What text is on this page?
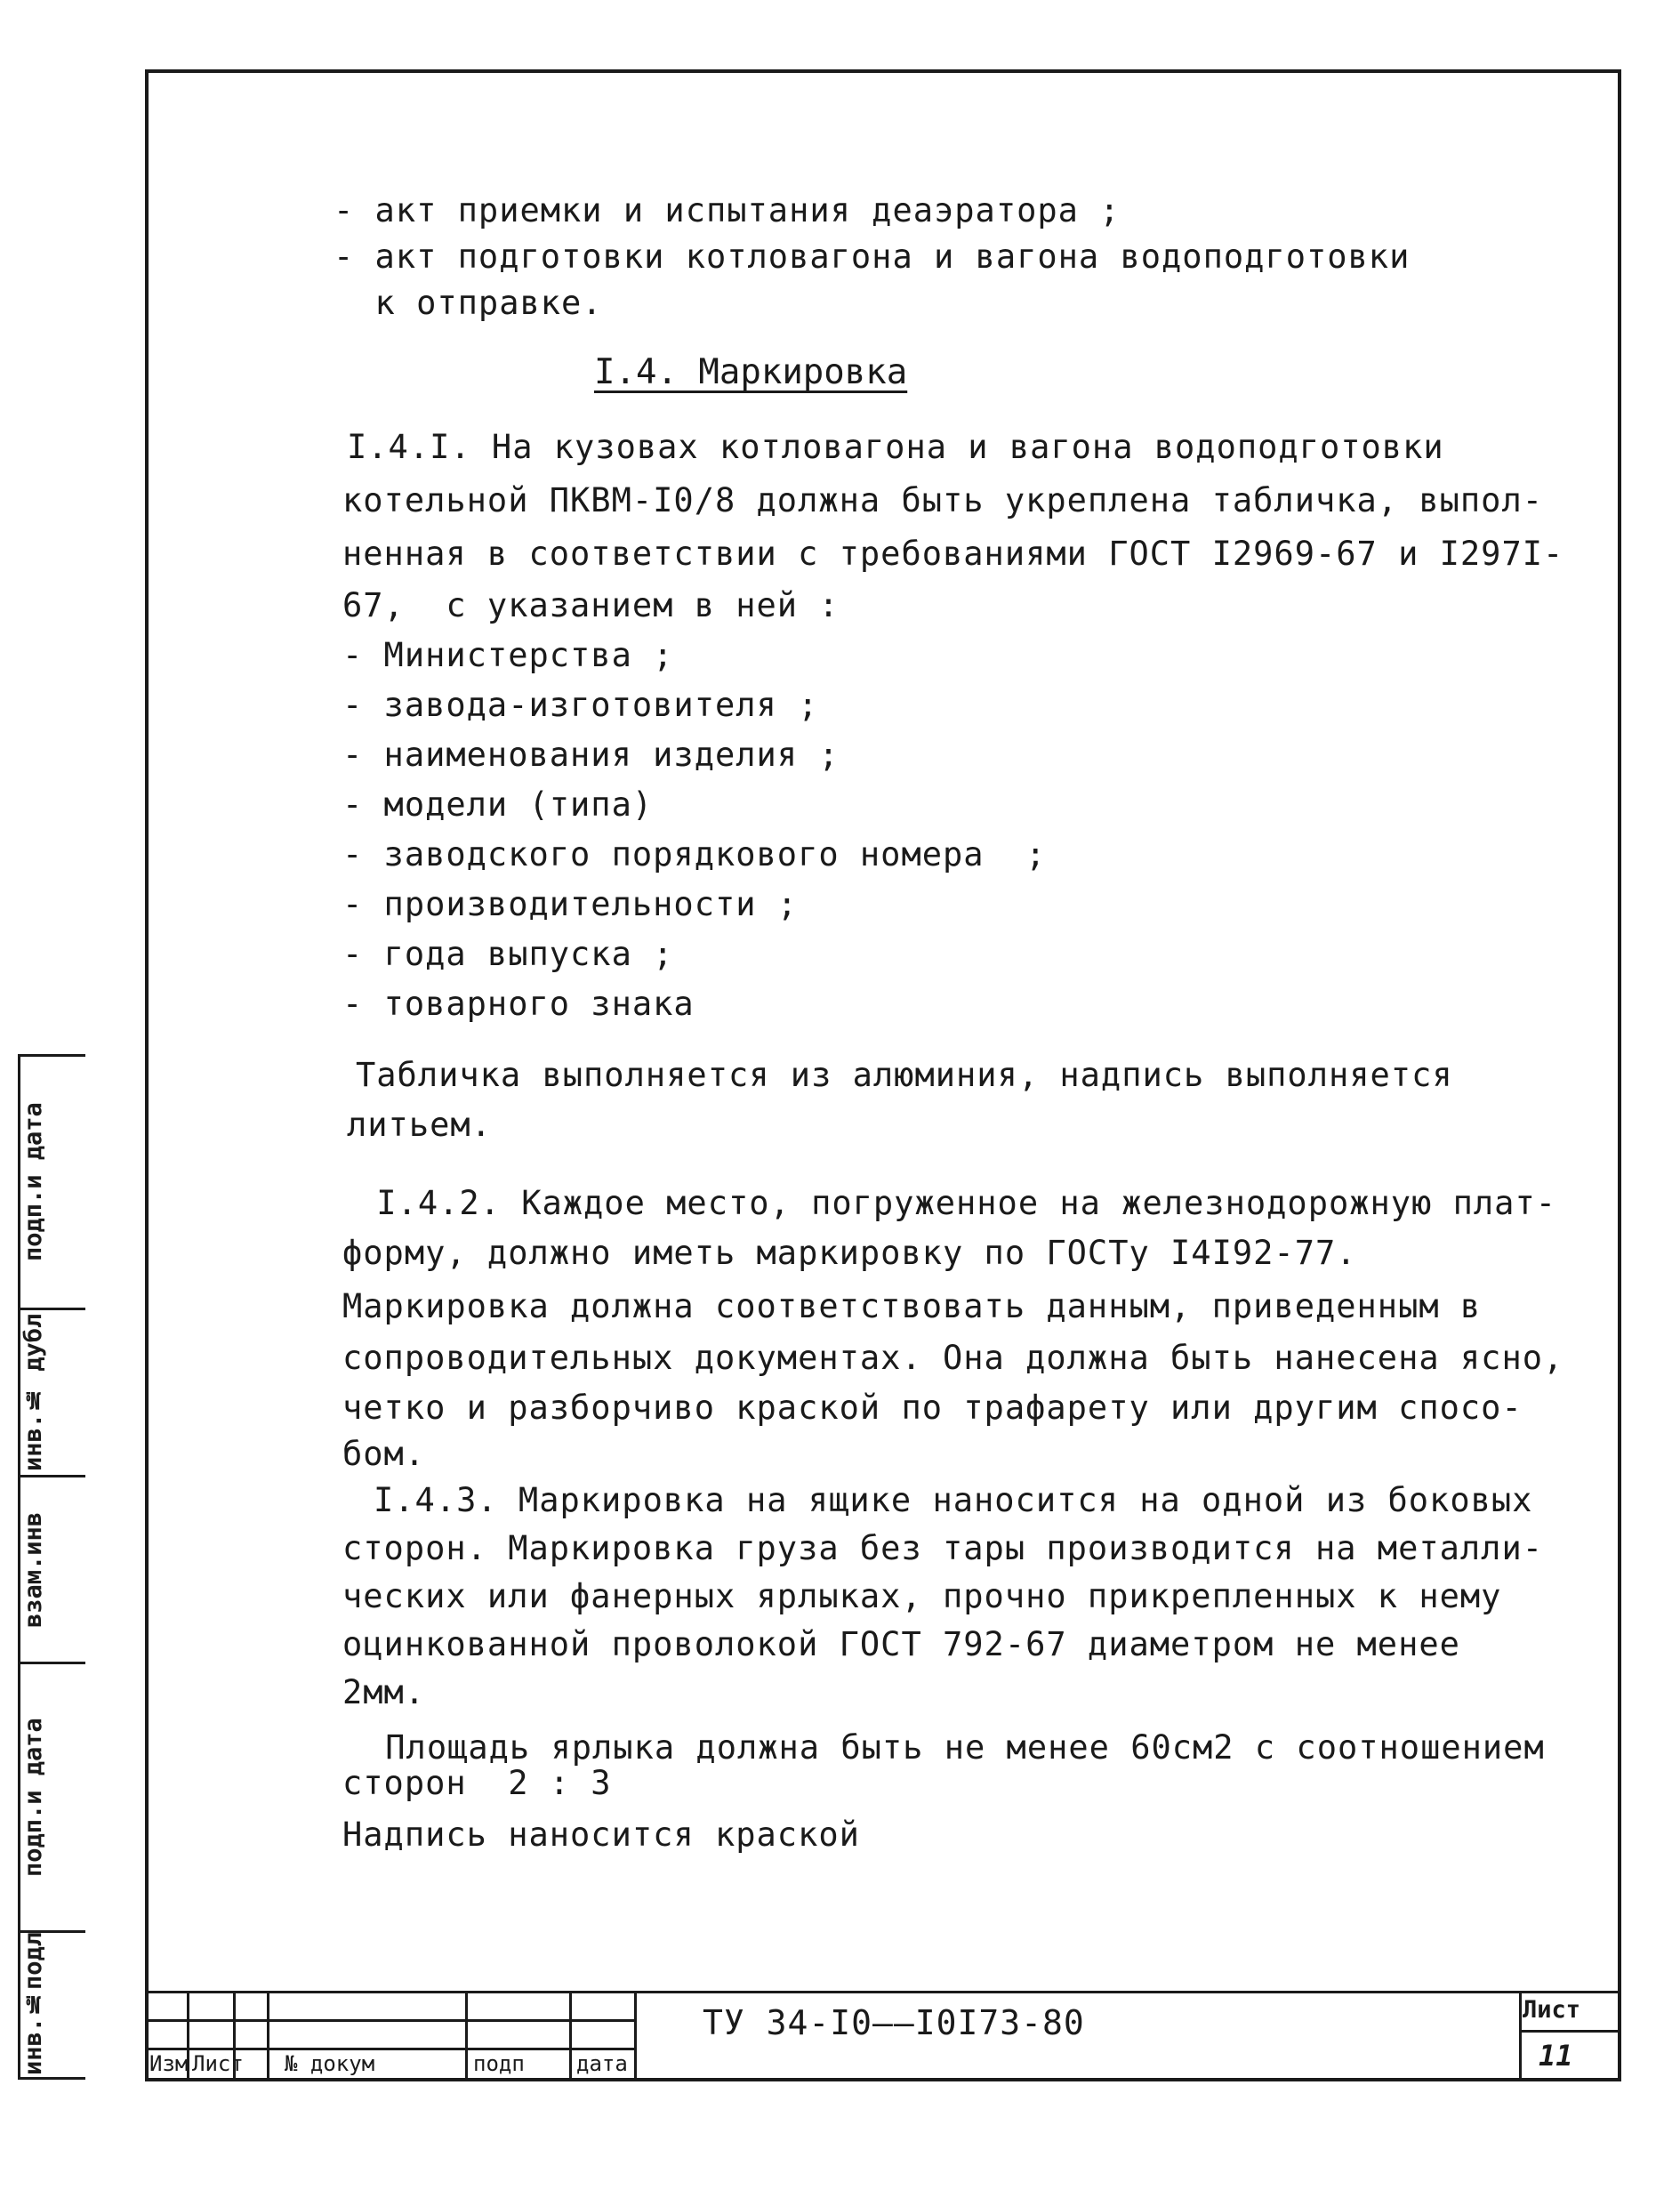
- акт приемки и испытания деаэратора ;
- акт подготовки котловагона и вагона водоподготовки
к отправке.
I.4. Маркировка
I.4.I. На кузовах котловагона и вагона водоподготовки
котельной ПКВМ-I0/8 должна быть укреплена табличка, выпол-
ненная в соответствии с требованиями ГОСТ I2969-67 и I297I-
67,  с указанием в ней :
- Министерства ;
- завода-изготовителя ;
- наименования изделия ;
- модели (типа)
- заводского порядкового номера  ;
- производительности ;
- года выпуска ;
- товарного знака
Табличка выполняется из алюминия, надпись выполняется
литьем.
I.4.2. Каждое место, погруженное на железнодорожную плат-
форму, должно иметь маркировку по ГОСТу I4I92-77.
Маркировка должна соответствовать данным, приведенным в
сопроводительных документах. Она должна быть нанесена ясно,
четко и разборчиво краской по трафарету или другим спосо-
бом.
I.4.3. Маркировка на ящике наносится на одной из боковых
сторон. Маркировка груза без тары производится на металли-
ческих или фанерных ярлыках, прочно прикрепленных к нему
оцинкованной проволокой ГОСТ 792-67 диаметром не менее
2мм.
Площадь ярлыка должна быть не менее 60см2 с соотношением
сторон  2 : 3
Надпись наносится краской
инв.№подл
подп.и дата
взам.инв
инв.№ дубл
подп.и дата
Изм Лист № докум	подп дата
ТУ 34-I0——I0I73-80	Лист
11
